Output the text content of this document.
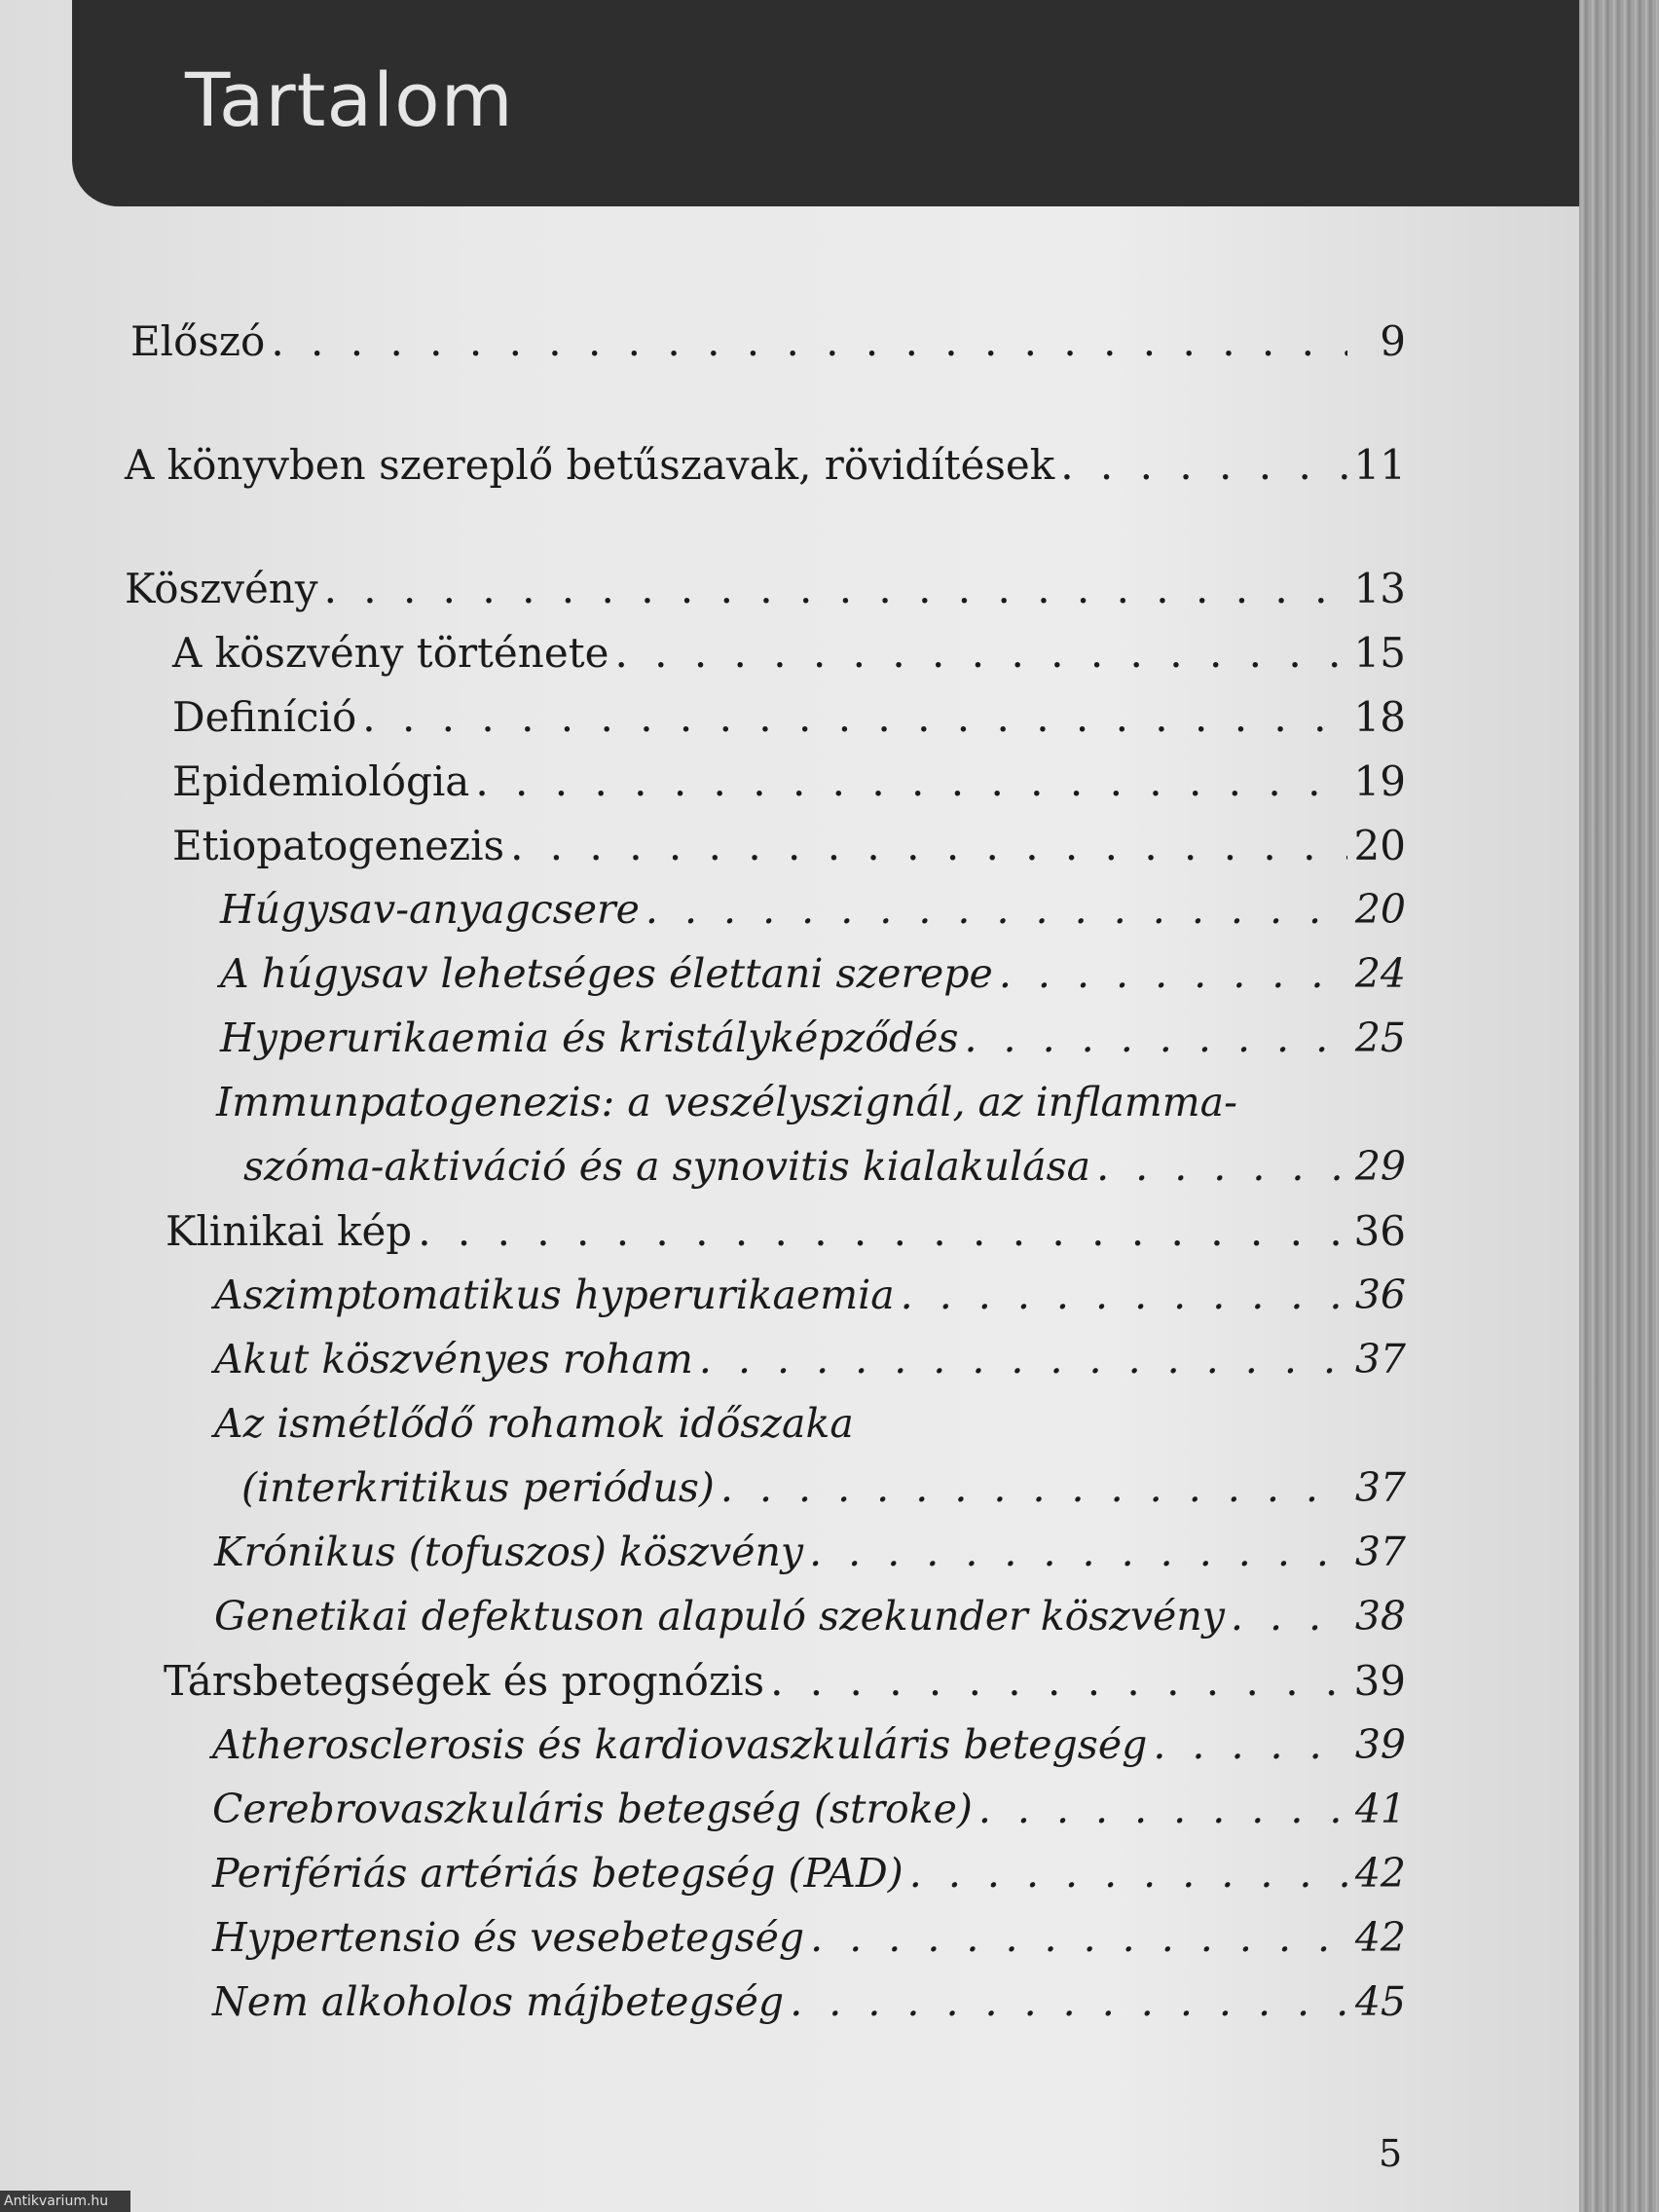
Tartalom
Előszó . . .	9
A könyvben szereplő betűszavak, rövidítések . . .	11
Köszvény . . .	13
A köszvény története . . .	15
Definíció . . .	18
Epidemiológia . . .	19
Etiopatogenezis . . .	20
Húgysav-anyagcsere . . .	20
A húgysav lehetséges élettani szerepe . . .	24
Hyperurikaemia és kristályképződés . . .	25
Immunpatogenezis: a veszélyszignál, az inflamma-
szóma-aktiváció és a synovitis kialakulása . . .	29
Klinikai kép . . .	36
Aszimptomatikus hyperurikaemia . . .	36
Akut köszvényes roham . . .	37
Az ismétlődő rohamok időszaka
(interkritikus periódus) . . .	37
Krónikus (tofuszos) köszvény . . .	37
Genetikai defektuson alapuló szekunder köszvény . . .	38
Társbetegségek és prognózis . . .	39
Atherosclerosis és kardiovaszkuláris betegség . . .	39
Cerebrovaszkuláris betegség (stroke) . . .	41
Perifériás artériás betegség (PAD) . . .	42
Hypertensio és vesebetegség . . .	42
Nem alkoholos májbetegség . . .	45
5
Antikvarium.hu
